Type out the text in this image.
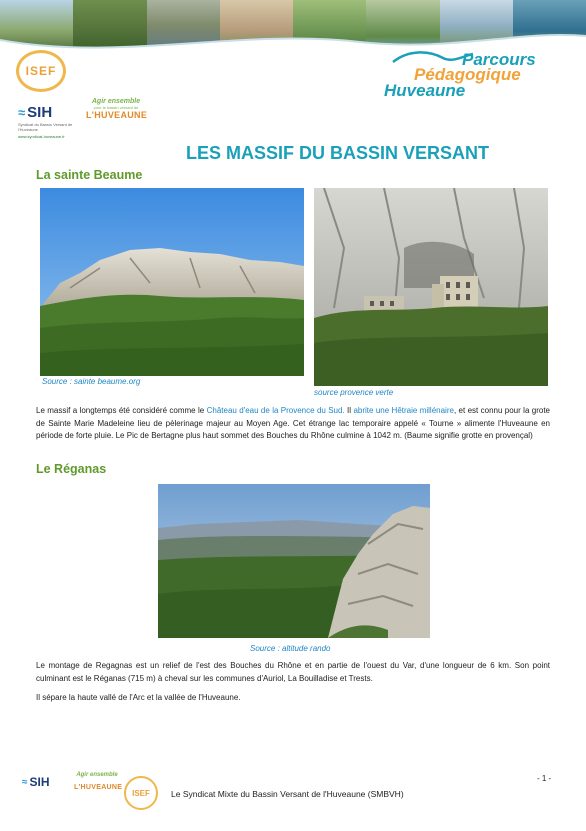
ISEF
≈ SIH
Syndicat du Bassin Versant de l'Huveaune
www.syndicat-huveaune.fr
Agir ensemble
pour le bassin versant de
L'HUVEAUNE
Parcours
Pédagogique
Huveaune
LES MASSIF DU BASSIN VERSANT
La sainte Beaume
Source : sainte beaume.org
source provence verte
Le massif a longtemps été considéré comme le Château d'eau de la Provence du Sud. Il abrite une Hêtraie millénaire, et est connu pour la grote de Sainte Marie Madeleine lieu de pèlerinage majeur au Moyen Age. Cet étrange lac temporaire appelé « Tourne » alimente l'Huveaune en période de forte pluie. Le Pic de Bertagne plus haut sommet des Bouches du Rhône culmine à 1042 m. (Baume signifie grotte en provençal)
Le Réganas
Source : altitude rando
Le montage de Regagnas est un relief de l'est des Bouches du Rhône et en partie de l'ouest du Var, d'une longueur de 6 km. Son point culminant est le Réganas (715 m) à cheval sur les communes d'Auriol, La Bouilladise et Trests.
Il sépare la haute vallé de l'Arc et la vallée de l'Huveaune.
≈ SIH	Agir ensemble
L'HUVEAUNE
ISEF Le Syndicat Mixte du Bassin Versant de l'Huveaune (SMBVH)
- 1 -
